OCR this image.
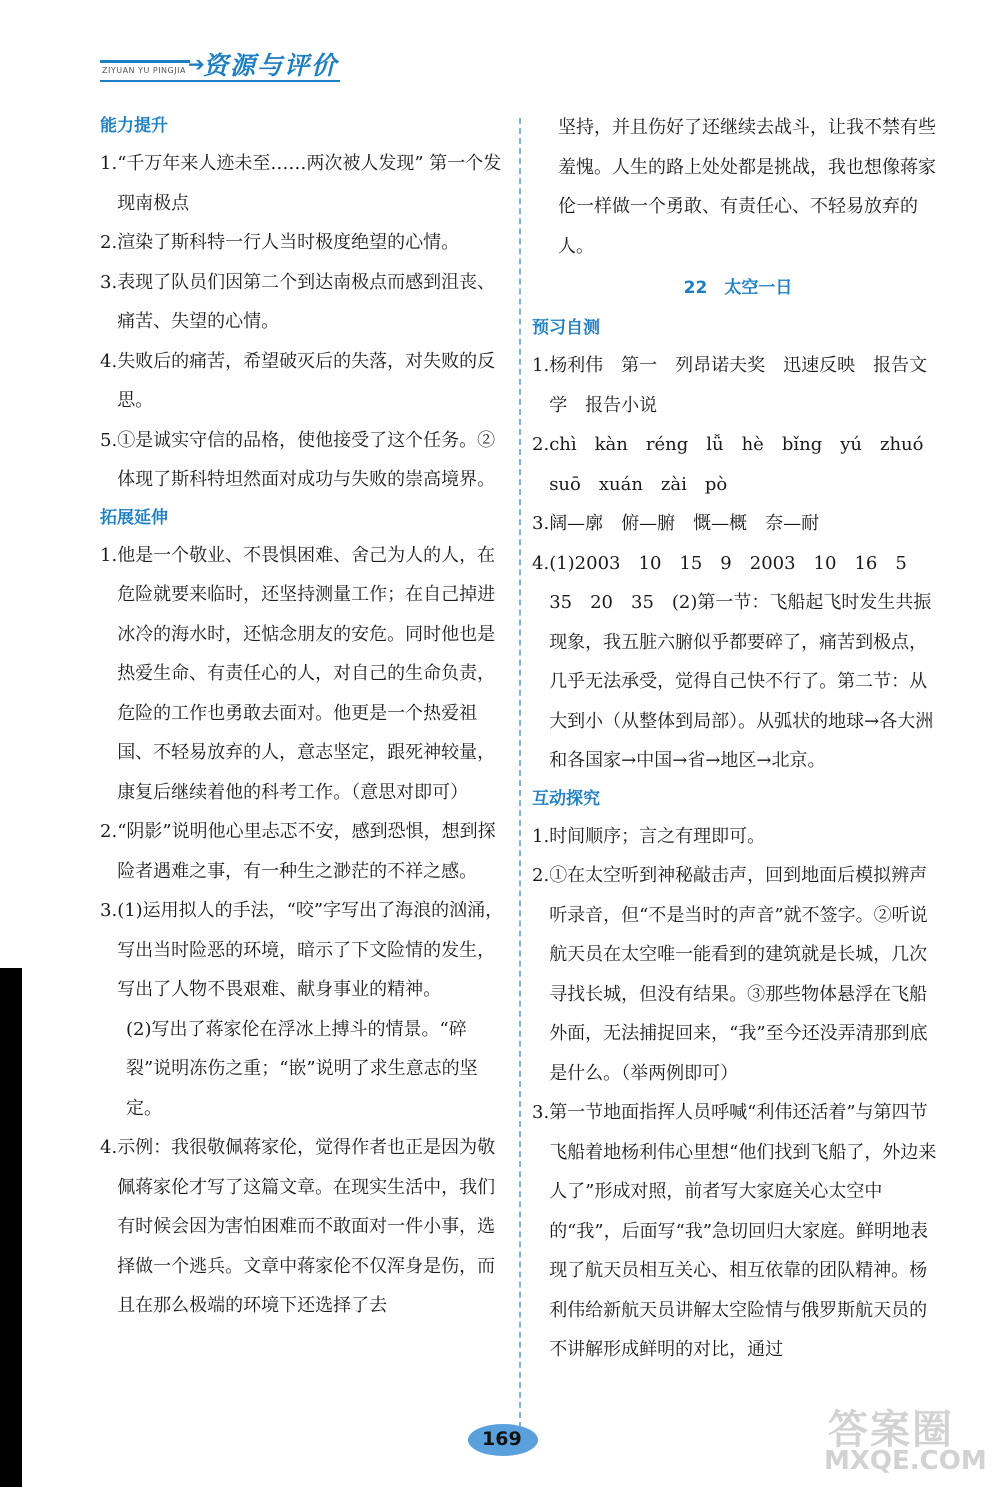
➔
ZIYUAN YU PINGJIA 资源与评价
能力提升
1. “千万年来人迹未至……两次被人发现” 第一个发现南极点
2. 渲染了斯科特一行人当时极度绝望的心情。
3. 表现了队员们因第二个到达南极点而感到沮丧、痛苦、失望的心情。
4. 失败后的痛苦，希望破灭后的失落，对失败的反思。
5. ①是诚实守信的品格，使他接受了这个任务。②体现了斯科特坦然面对成功与失败的崇高境界。
拓展延伸
1. 他是一个敬业、不畏惧困难、舍己为人的人，在危险就要来临时，还坚持测量工作；在自己掉进冰冷的海水时，还惦念朋友的安危。同时他也是热爱生命、有责任心的人，对自己的生命负责，危险的工作也勇敢去面对。他更是一个热爱祖国、不轻易放弃的人，意志坚定，跟死神较量，康复后继续着他的科考工作。（意思对即可）
2. “阴影”说明他心里忐忑不安，感到恐惧，想到探险者遇难之事，有一种生之渺茫的不祥之感。
3. (1)运用拟人的手法，“咬”字写出了海浪的汹涌，写出当时险恶的环境，暗示了下文险情的发生，写出了人物不畏艰难、献身事业的精神。
(2)写出了蒋家伦在浮冰上搏斗的情景。“碎裂”说明冻伤之重；“嵌”说明了求生意志的坚定。
4. 示例：我很敬佩蒋家伦，觉得作者也正是因为敬佩蒋家伦才写了这篇文章。在现实生活中，我们有时候会因为害怕困难而不敢面对一件小事，选择做一个逃兵。文章中蒋家伦不仅浑身是伤，而且在那么极端的环境下还选择了去
坚持，并且伤好了还继续去战斗，让我不禁有些羞愧。人生的路上处处都是挑战，我也想像蒋家伦一样做一个勇敢、有责任心、不轻易放弃的人。
22　太空一日
预习自测
1. 杨利伟　第一　列昂诺夫奖　迅速反映　报告文学　报告小说
2. chì　kàn　réng　lǚ　hè　bǐng　yú　zhuó　suō　xuán　zài　pò
3. 阔—廓　俯—腑　慨—概　奈—耐
4. (1)2003　10　15　9　2003　10　16　5　35　20　35　(2)第一节：飞船起飞时发生共振现象，我五脏六腑似乎都要碎了，痛苦到极点，几乎无法承受，觉得自己快不行了。第二节：从大到小（从整体到局部）。从弧状的地球→各大洲和各国家→中国→省→地区→北京。
互动探究
1. 时间顺序；言之有理即可。
2. ①在太空听到神秘敲击声，回到地面后模拟辨声听录音，但“不是当时的声音”就不签字。②听说航天员在太空唯一能看到的建筑就是长城，几次寻找长城，但没有结果。③那些物体悬浮在飞船外面，无法捕捉回来，“我”至今还没弄清那到底是什么。（举两例即可）
3. 第一节地面指挥人员呼喊“利伟还活着”与第四节飞船着地杨利伟心里想“他们找到飞船了，外边来人了”形成对照，前者写大家庭关心太空中的“我”，后面写“我”急切回归大家庭。鲜明地表现了航天员相互关心、相互依靠的团队精神。杨利伟给新航天员讲解太空险情与俄罗斯航天员的不讲解形成鲜明的对比，通过
169	答案圈
MXQE.COM
